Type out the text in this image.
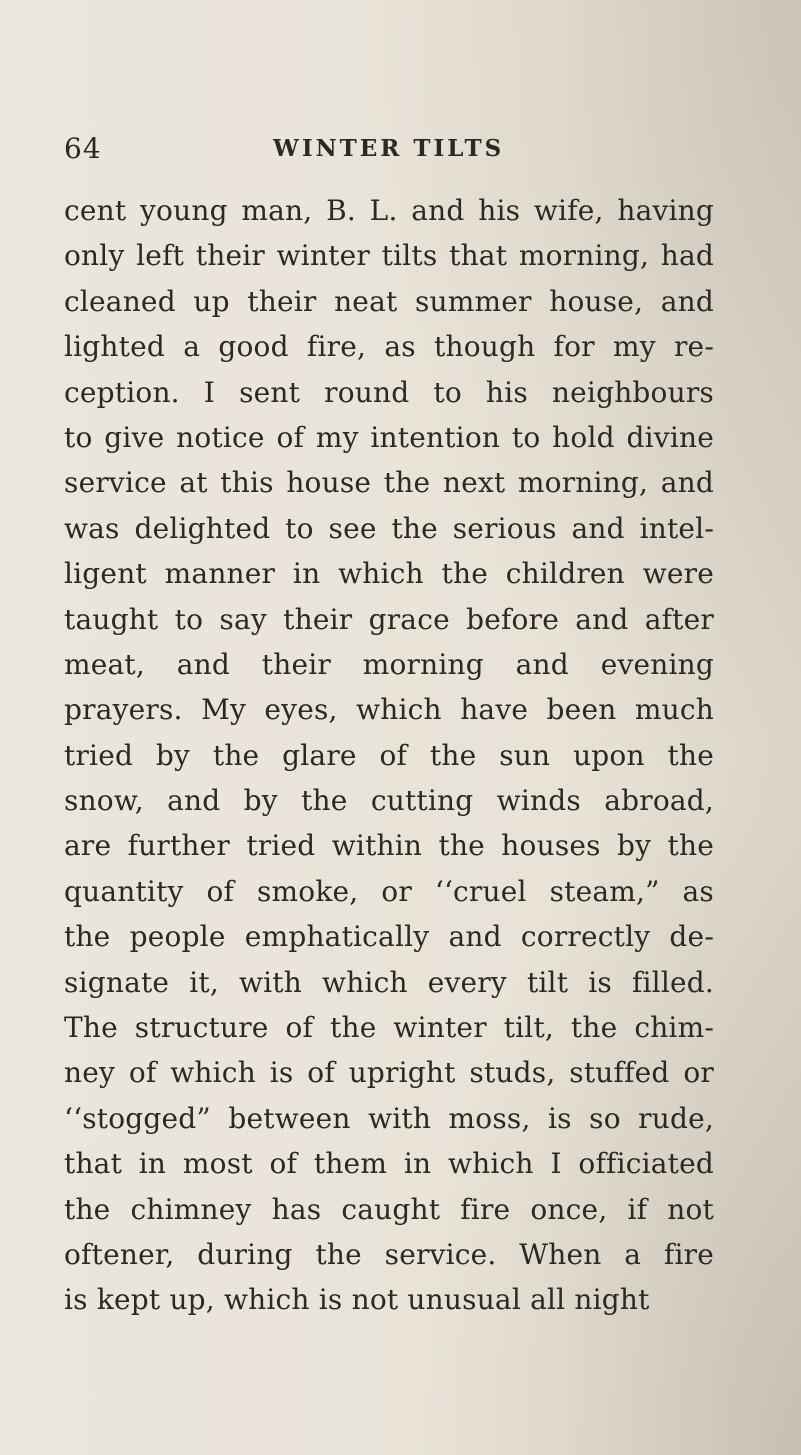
64	WINTER TILTS
cent young man, B. L. and his wife, having
only left their winter tilts that morning, had
cleaned up their neat summer house, and
lighted a good fire, as though for my re-
ception. I sent round to his neighbours
to give notice of my intention to hold divine
service at this house the next morning, and
was delighted to see the serious and intel-
ligent manner in which the children were
taught to say their grace before and after
meat, and their morning and evening
prayers. My eyes, which have been much
tried by the glare of the sun upon the
snow, and by the cutting winds abroad,
are further tried within the houses by the
quantity of smoke, or ‘‘cruel steam,” as
the people emphatically and correctly de-
signate it, with which every tilt is filled.
The structure of the winter tilt, the chim-
ney of which is of upright studs, stuffed or
‘‘stogged” between with moss, is so rude,
that in most of them in which I officiated
the chimney has caught fire once, if not
oftener, during the service. When a fire
is kept up, which is not unusual all night
